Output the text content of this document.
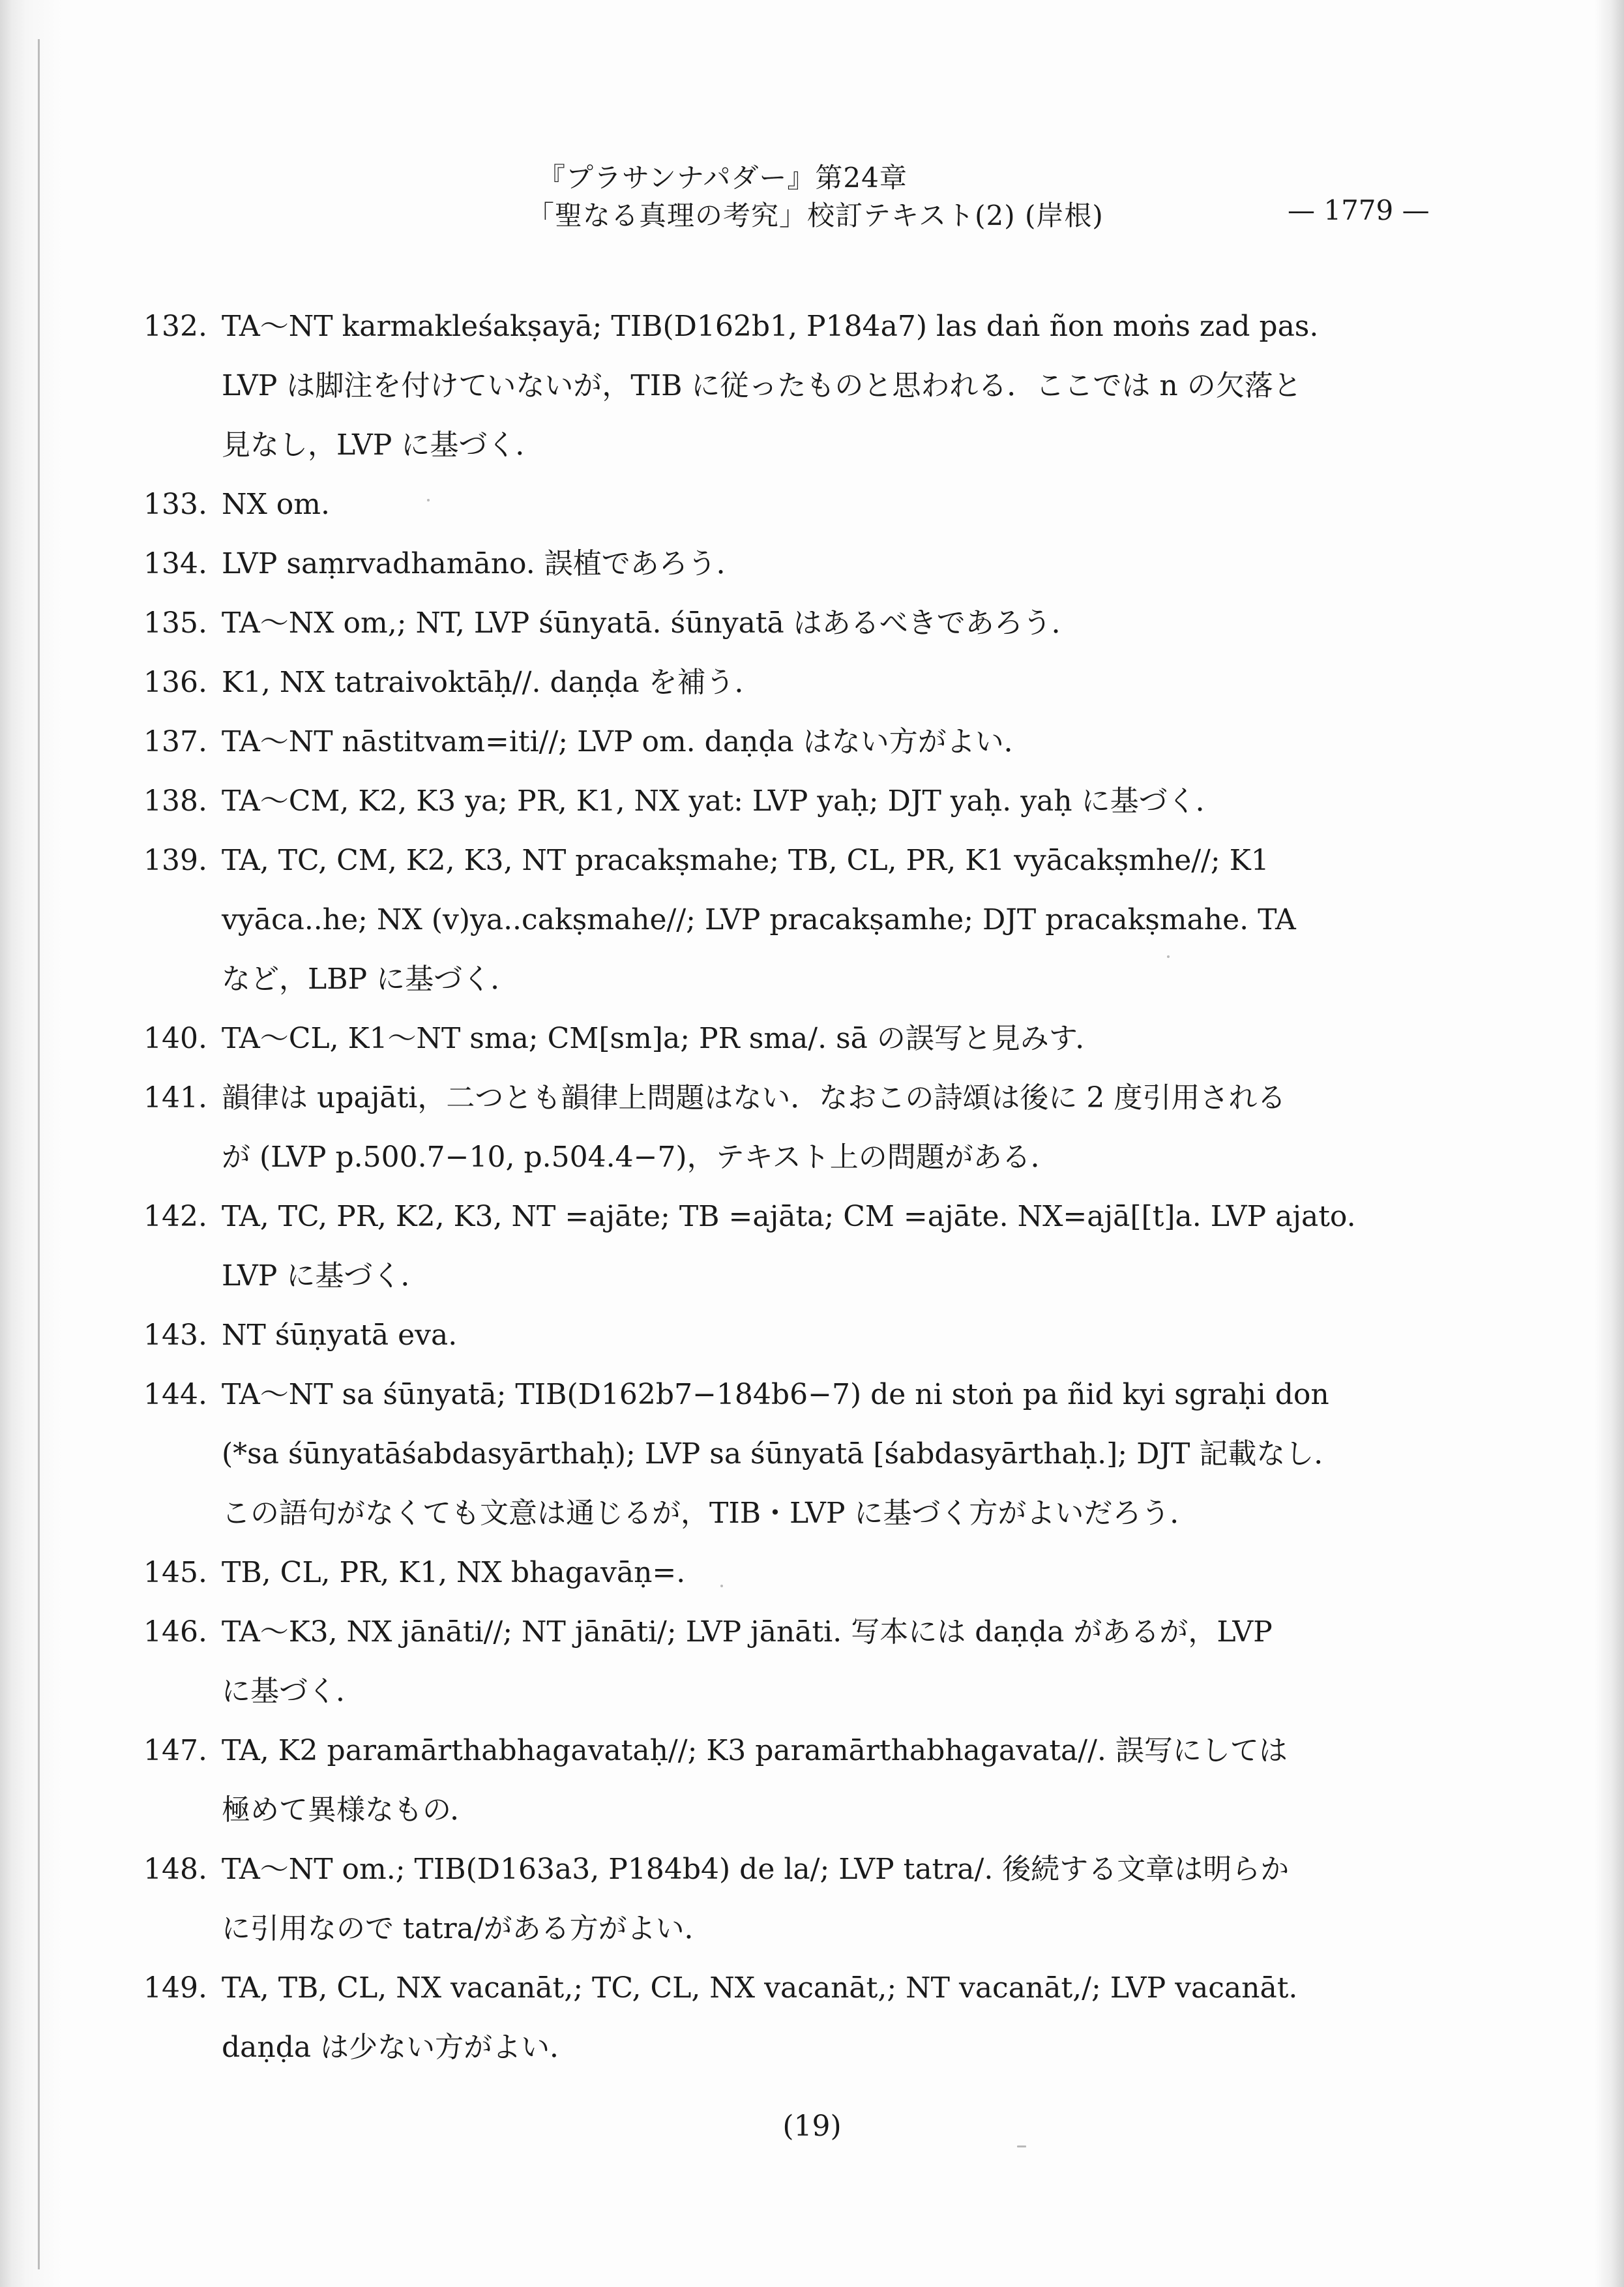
『プラサンナパダー』第24章
「聖なる真理の考究」校訂テキスト(2) (岸根)	— 1779 —
132. TA〜NT karmakleśakṣayā; TIB(D162b1, P184a7) las daṅ ñon moṅs zad pas.
LVP は脚注を付けていないが，TIB に従ったものと思われる．ここでは n の欠落と
見なし，LVP に基づく．
133. NX om.
134. LVP saṃrvadhamāno. 誤植であろう．
135. TA〜NX om,; NT, LVP śūnyatā. śūnyatā はあるべきであろう．
136. K1, NX tatraivoktāḥ//. daṇḍa を補う．
137. TA〜NT nāstitvam=iti//; LVP om. daṇḍa はない方がよい．
138. TA〜CM, K2, K3 ya; PR, K1, NX yat: LVP yaḥ; DJT yaḥ. yaḥ に基づく．
139. TA, TC, CM, K2, K3, NT pracakṣmahe; TB, CL, PR, K1 vyācakṣmhe//; K1
vyāca..he; NX (v)ya..cakṣmahe//; LVP pracakṣamhe; DJT pracakṣmahe. TA
など，LBP に基づく．
140. TA〜CL, K1〜NT sma; CM[sm]a; PR sma/. sā の誤写と見みす．
141. 韻律は upajāti，二つとも韻律上問題はない．なおこの詩頌は後に 2 度引用される
が (LVP p.500.7−10, p.504.4−7)，テキスト上の問題がある．
142. TA, TC, PR, K2, K3, NT =ajāte; TB =ajāta; CM =ajāte. NX=ajā[[t]a. LVP ajato.
LVP に基づく．
143. NT śūṇyatā eva.
144. TA〜NT sa śūnyatā; TIB(D162b7−184b6−7) de ni stoṅ pa ñid kyi sgraḥi don
(*sa śūnyatāśabdasyārthaḥ); LVP sa śūnyatā [śabdasyārthaḥ.]; DJT 記載なし．
この語句がなくても文意は通じるが，TIB・LVP に基づく方がよいだろう．
145. TB, CL, PR, K1, NX bhagavāṇ=.
146. TA〜K3, NX jānāti//; NT jānāti/; LVP jānāti. 写本には daṇḍa があるが，LVP
に基づく．
147. TA, K2 paramārthabhagavataḥ//; K3 paramārthabhagavata//. 誤写にしては
極めて異様なもの．
148. TA〜NT om.; TIB(D163a3, P184b4) de la/; LVP tatra/. 後続する文章は明らか
に引用なので tatra/がある方がよい．
149. TA, TB, CL, NX vacanāt,; TC, CL, NX vacanāt,; NT vacanāt,/; LVP vacanāt.
daṇḍa は少ない方がよい．
(19)
